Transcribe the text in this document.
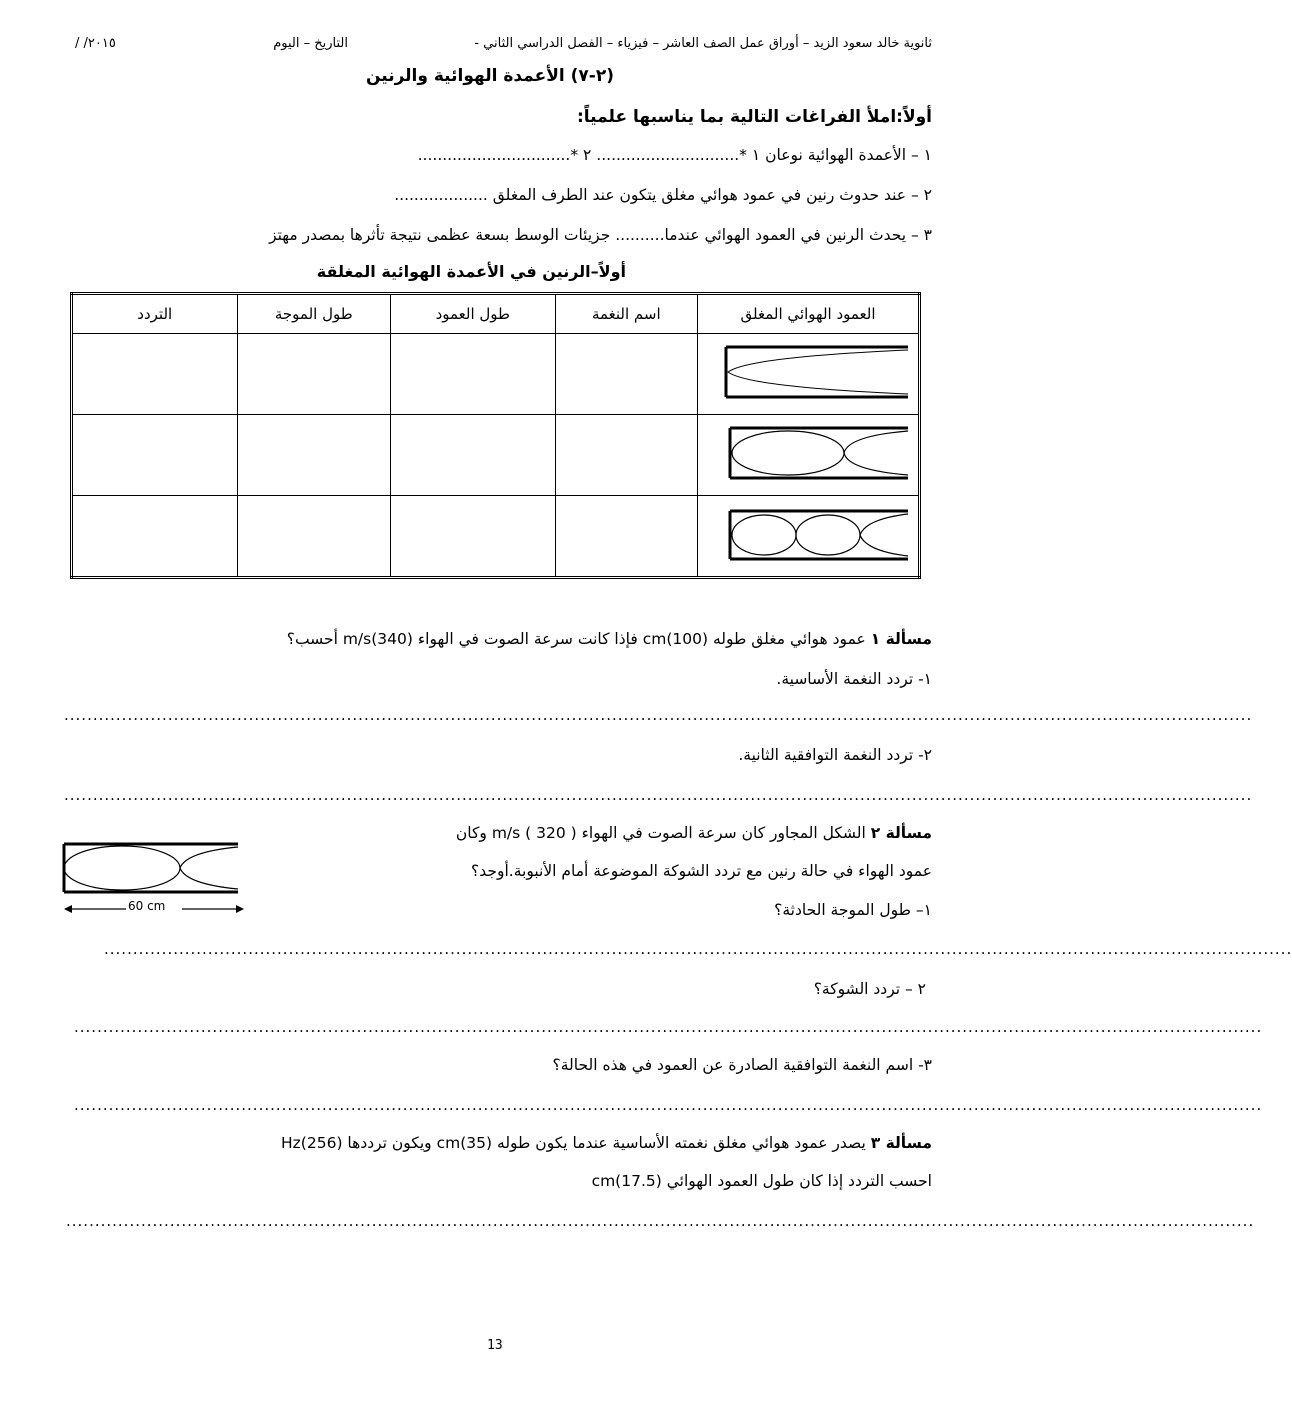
ثانوية خالد سعود الزيد – أوراق عمل الصف العاشر – فيزياء – الفصل الدراسي الثاني -
التاريخ – اليوم
/ /٢٠١٥
(٢-٧) الأعمدة الهوائية والرنين
أولاً:املأ الفراغات التالية بما يناسبها علمياً:
١ – الأعمدة الهوائية نوعان ١ *............................. ٢ *...............................
٢ – عند حدوث رنين في عمود هوائي مغلق يتكون عند الطرف المغلق ...................
٣ – يحدث الرنين في العمود الهوائي عندما.......... جزيئات الوسط بسعة عظمى نتيجة تأثرها بمصدر مهتز
أولاً–الرنين في الأعمدة الهوائية المغلقة
العمود الهوائي المغلق	اسم النغمة	طول العمود	طول الموجة	التردد

مسألة ١ عمود هوائي مغلق طوله (100)cm فإذا كانت سرعة الصوت في الهواء (340)m/s أحسب؟
١- تردد النغمة الأساسية.
..............................................................................................................................................................................................................
٢- تردد النغمة التوافقية الثانية.
..............................................................................................................................................................................................................
مسألة ٢ الشكل المجاور كان سرعة الصوت في الهواء m/s ( 320 ) وكان
عمود الهواء في حالة رنين مع تردد الشوكة الموضوعة أمام الأنبوبة.أوجد؟
١– طول الموجة الحادثة؟
..............................................................................................................................................................................................................
٢ – تردد الشوكة؟
..............................................................................................................................................................................................................
٣- اسم النغمة التوافقية الصادرة عن العمود في هذه الحالة؟
..............................................................................................................................................................................................................
60 cm
مسألة ٣ يصدر عمود هوائي مغلق نغمته الأساسية عندما يكون طوله (35)cm ويكون ترددها Hz(256)
احسب التردد إذا كان طول العمود الهوائي cm(17.5)
..............................................................................................................................................................................................................
13
